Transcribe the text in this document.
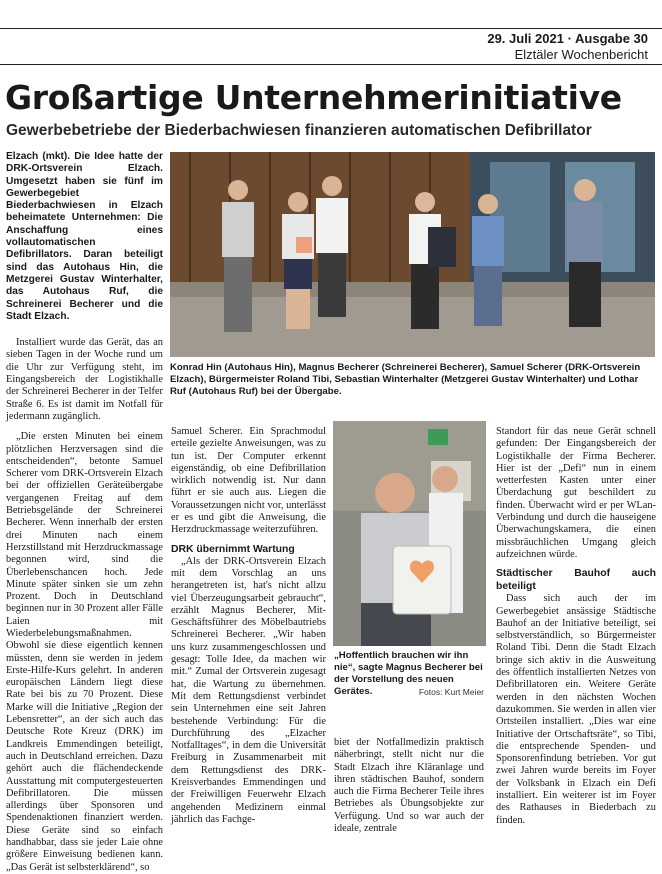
29. Juli 2021 · Ausgabe 30
Elztäler Wochenbericht
Großartige Unternehmerinitiative
Gewerbebetriebe der Biederbachwiesen finanzieren automatischen Defibrillator

Elzach (mkt). Die Idee hatte der DRK-Ortsverein Elzach. Umgesetzt haben sie fünf im Gewerbegebiet Biederbachwiesen in Elzach beheimatete Unternehmen: Die Anschaffung eines vollautomatischen Defibrillators. Daran beteiligt sind das Autohaus Hin, die Metzgerei Gustav Winterhalter, das Autohaus Ruf, die Schreinerei Becherer und die Stadt Elzach.

Installiert wurde das Gerät, das an sieben Tagen in der Woche rund um die Uhr zur Verfügung steht, im Eingangsbereich der Logistikhalle der Schreinerei Becherer in der Telfer Straße 6. Es ist damit im Notfall für jedermann zugänglich.

„Die ersten Minuten bei einem plötzlichen Herzversagen sind die entscheidenden“, betonte Samuel Scherer vom DRK-Ortsverein Elzach bei der offiziellen Geräteübergabe vergangenen Freitag auf dem Betriebsgelände der Schreinerei Becherer. Wenn innerhalb der ersten drei Minuten nach einem Herzstillstand mit Herzdruckmassage begonnen wird, sind die Überlebenschancen hoch. Jede Minute später sinken sie um zehn Prozent. Doch in Deutschland beginnen nur in 30 Prozent aller Fälle Laien mit Wiederbelebungsmaßnahmen. Obwohl sie diese eigentlich kennen müssten, denn sie werden in jedem Erste-Hilfe-Kurs gelehrt. In anderen europäischen Ländern liegt diese Rate bei bis zu 70 Prozent. Diese Marke will die Initiative „Region der Lebensretter“, an der sich auch das Deutsche Rote Kreuz (DRK) im Landkreis Emmendingen beteiligt, auch in Deutschland erreichen. Dazu gehört auch die flächendeckende Ausstattung mit computergesteuerten Defibrillatoren. Die müssen allerdings über Sponsoren und Spendenaktionen finanziert werden. Diese Geräte sind so einfach handhabbar, dass sie jeder Laie ohne größere Einweisung bedienen kann. „Das Gerät ist selbsterklärend“, so

Konrad Hin (Autohaus Hin), Magnus Becherer (Schreinerei Becherer), Samuel Scherer (DRK-Ortsverein Elzach), Bürgermeister Roland Tibi, Sebastian Winterhalter (Metzgerei Gustav Winterhalter) und Lothar Ruf (Autohaus Ruf) bei der Übergabe.

Samuel Scherer. Ein Sprachmodul erteile gezielte Anweisungen, was zu tun ist. Der Computer erkennt eigenständig, ob eine Defibrillation wirklich notwendig ist. Nur dann führt er sie auch aus. Liegen die Voraussetzungen nicht vor, unterlässt er es und gibt die Anweisung, die Herzdruckmassage weiterzuführen.

DRK übernimmt Wartung

„Als der DRK-Ortsverein Elzach mit dem Vorschlag an uns herangetreten ist, hat's nicht allzu viel Überzeugungsarbeit gebraucht“, erzählt Magnus Becherer, Mit-Geschäftsführer des Möbelbautriebs Schreinerei Becherer. „Wir haben uns kurz zusammengeschlossen und gesagt: Tolle Idee, da machen wir mit.“ Zumal der Ortsverein zugesagt hat, die Wartung zu übernehmen. Mit dem Rettungsdienst verbindet sein Unternehmen eine seit Jahren bestehende Verbindung: Für die Durchführung des „Elzacher Notfalltages“, in dem die Universität Freiburg in Zusammenarbeit mit dem Rettungsdienst des DRK-Kreisverbandes Emmendingen und der Freiwilligen Feuerwehr Elzach angehenden Medizinern einmal jährlich das Fachge-

„Hoffentlich brauchen wir ihn nie“, sagte Magnus Becherer bei der Vorstellung des neuen Gerätes.	Fotos: Kurt Meier

biet der Notfallmedizin praktisch näherbringt, stellt nicht nur die Stadt Elzach ihre Kläranlage und ihren städtischen Bauhof, sondern auch die Firma Becherer Teile ihres Betriebes als Übungsobjekte zur Verfügung. Und so war auch der ideale, zentrale

Standort für das neue Gerät schnell gefunden: Der Eingangsbereich der Logistikhalle der Firma Becherer. Hier ist der „Defi“ nun in einem wetterfesten Kasten unter einer Überdachung gut beschildert zu finden. Überwacht wird er per WLan-Verbindung und durch die hauseigene Überwachungskamera, die einen missbräuchlichen Umgang gleich aufzeichnen würde.

Städtischer Bauhof auch beteiligt

Dass sich auch der im Gewerbegebiet ansässige Städtische Bauhof an der Initiative beteiligt, sei selbstverständlich, so Bürgermeister Roland Tibi. Denn die Stadt Elzach bringe sich aktiv in die Ausweitung des öffentlich installierten Netzes von Defibrillatoren ein. Weitere Geräte werden in den nächsten Wochen dazukommen. Sie werden in allen vier Ortsteilen installiert. „Dies war eine Initiative der Ortschaftsräte“, so Tibi, die entsprechende Spenden- und Sponsorenfindung betrieben. Vor gut zwei Jahren wurde bereits im Foyer der Volksbank in Elzach ein Defi installiert. Ein weiterer ist im Foyer des Rathauses in Biederbach zu finden.
